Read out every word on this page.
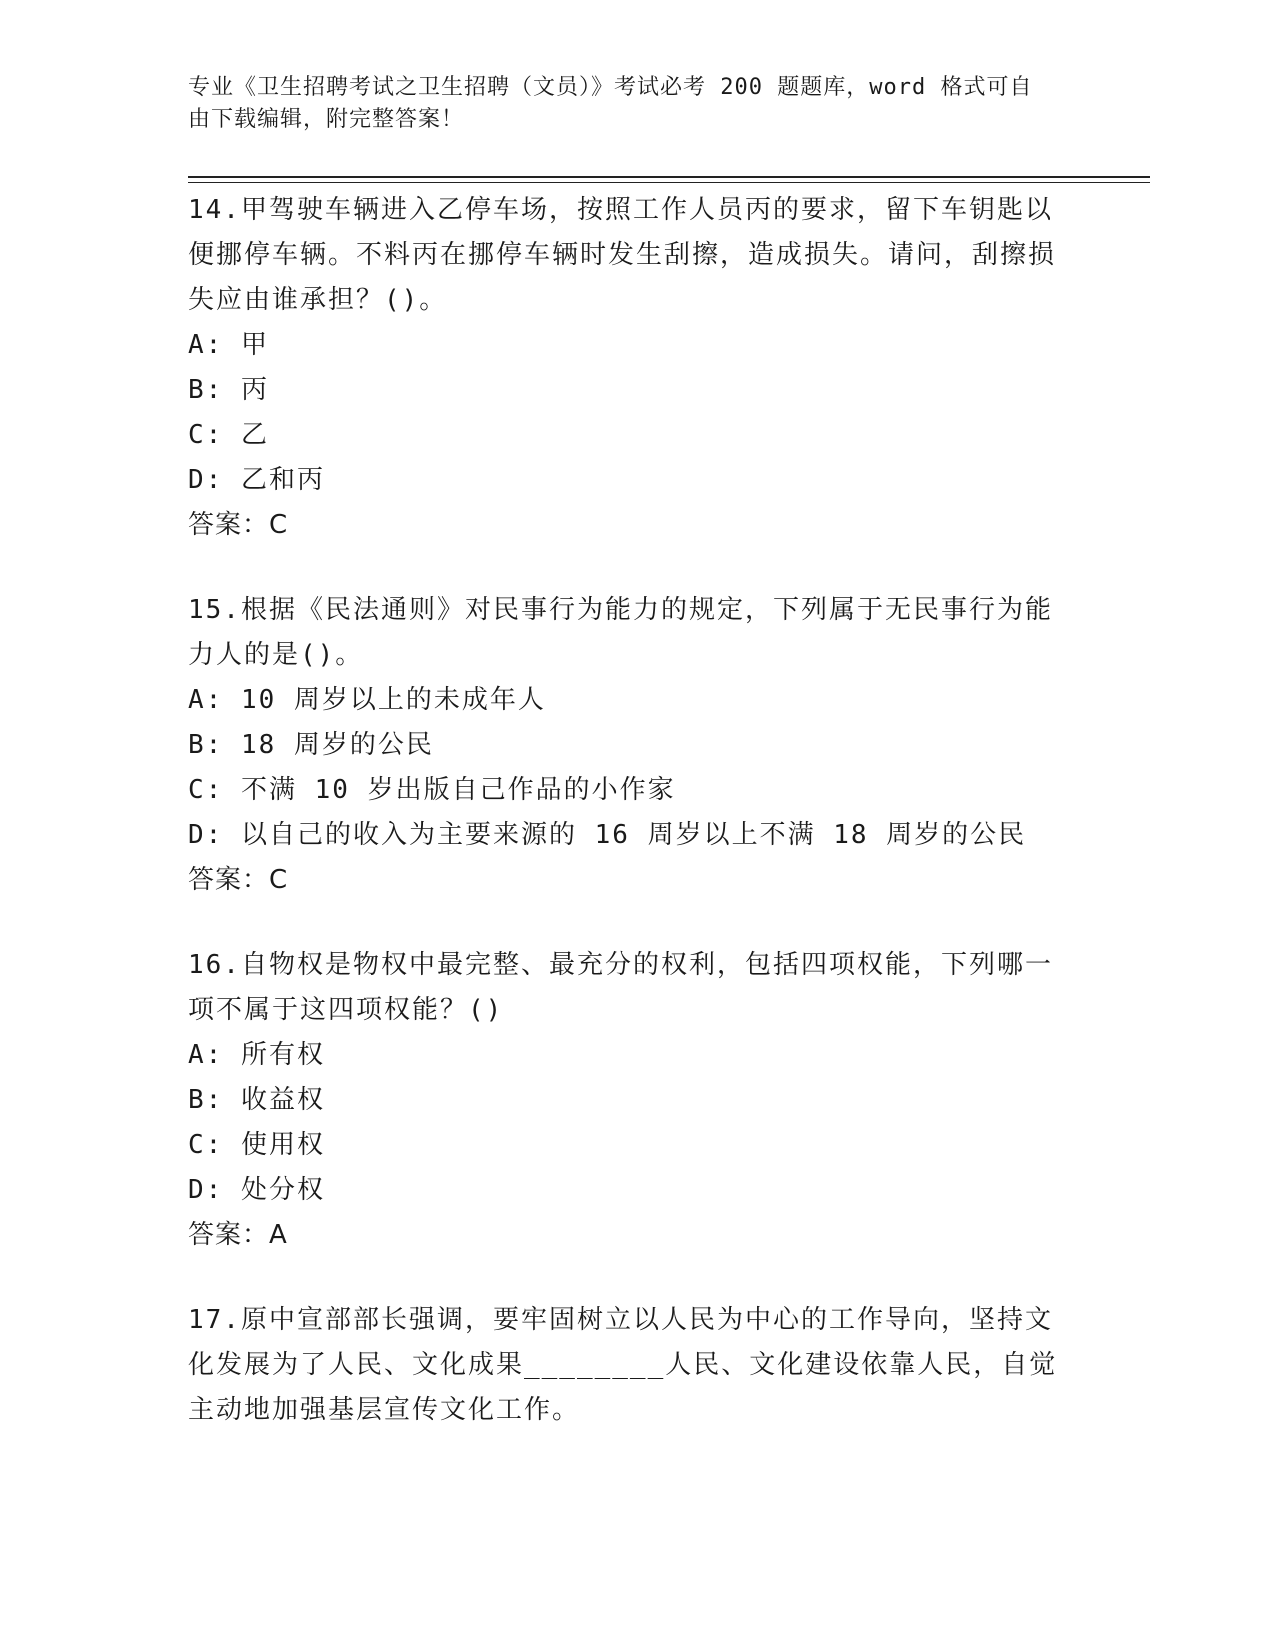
专业《卫生招聘考试之卫生招聘（文员）》考试必考 200 题题库，word 格式可自
由下载编辑，附完整答案！

14.甲驾驶车辆进入乙停车场，按照工作人员丙的要求，留下车钥匙以便挪停车辆。不料丙在挪停车辆时发生刮擦，造成损失。请问，刮擦损失应由谁承担？()。

A: 甲

B: 丙

C: 乙

D: 乙和丙

答案：C

15.根据《民法通则》对民事行为能力的规定，下列属于无民事行为能力人的是()。

A: 10 周岁以上的未成年人

B: 18 周岁的公民

C: 不满 10 岁出版自己作品的小作家

D: 以自己的收入为主要来源的 16 周岁以上不满 18 周岁的公民

答案：C

16.自物权是物权中最完整、最充分的权利，包括四项权能，下列哪一项不属于这四项权能？()

A: 所有权

B: 收益权

C: 使用权

D: 处分权

答案：A

17.原中宣部部长强调，要牢固树立以人民为中心的工作导向，坚持文化发展为了人民、文化成果________人民、文化建设依靠人民，自觉主动地加强基层宣传文化工作。
